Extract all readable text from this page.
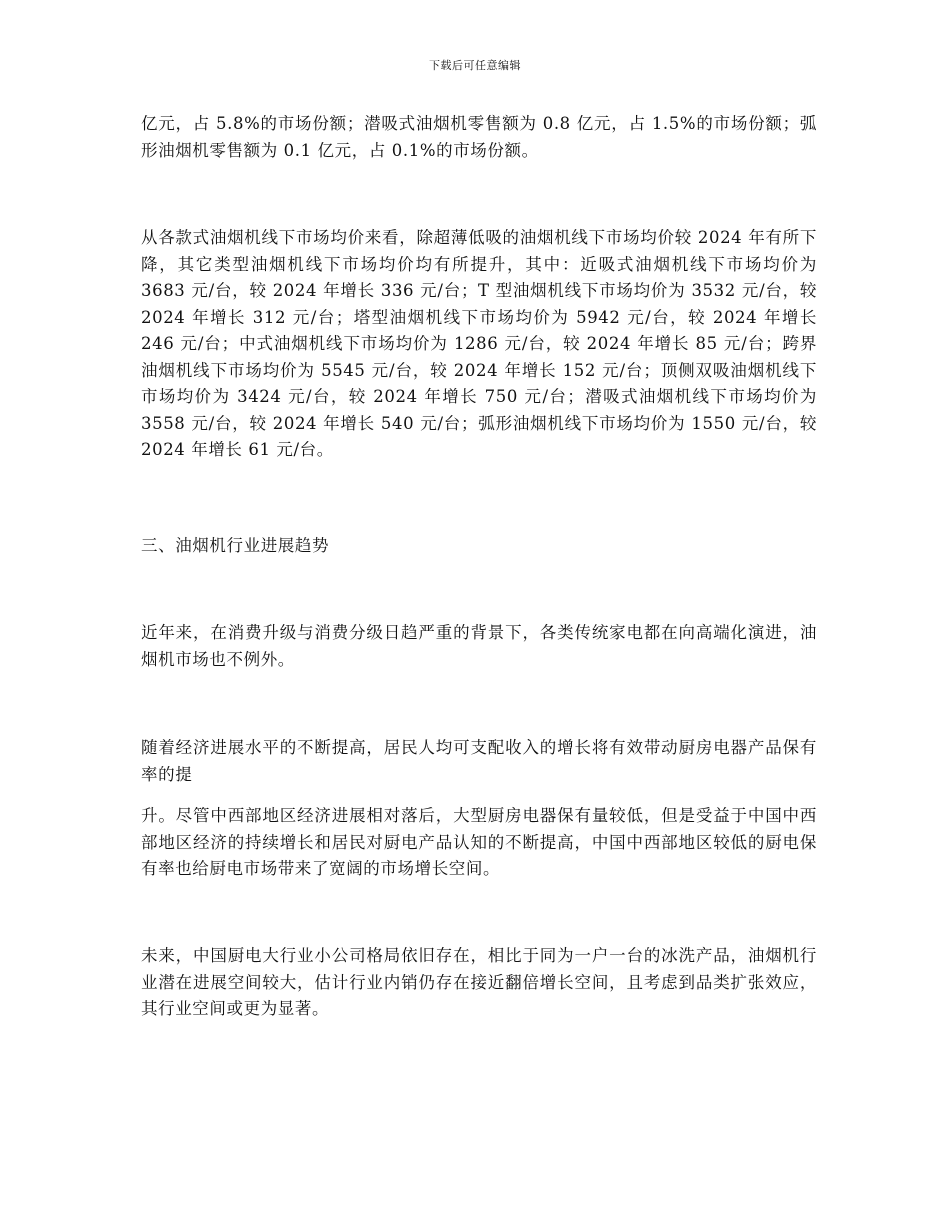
下载后可任意编辑

亿元，占 5.8%的市场份额；潜吸式油烟机零售额为 0.8 亿元，占 1.5%的市场份额；弧形油烟机零售额为 0.1 亿元，占 0.1%的市场份额。

从各款式油烟机线下市场均价来看，除超薄低吸的油烟机线下市场均价较 2024 年有所下降，其它类型油烟机线下市场均价均有所提升，其中：近吸式油烟机线下市场均价为 3683 元/台，较 2024 年增长 336 元/台；T 型油烟机线下市场均价为 3532 元/台，较 2024 年增长 312 元/台；塔型油烟机线下市场均价为 5942 元/台，较 2024 年增长 246 元/台；中式油烟机线下市场均价为 1286 元/台，较 2024 年增长 85 元/台；跨界油烟机线下市场均价为 5545 元/台，较 2024 年增长 152 元/台；顶侧双吸油烟机线下市场均价为 3424 元/台，较 2024 年增长 750 元/台；潜吸式油烟机线下市场均价为 3558 元/台，较 2024 年增长 540 元/台；弧形油烟机线下市场均价为 1550 元/台，较 2024 年增长 61 元/台。

三、油烟机行业进展趋势

近年来，在消费升级与消费分级日趋严重的背景下，各类传统家电都在向高端化演进，油烟机市场也不例外。

随着经济进展水平的不断提高，居民人均可支配收入的增长将有效带动厨房电器产品保有率的提

升。尽管中西部地区经济进展相对落后，大型厨房电器保有量较低，但是受益于中国中西部地区经济的持续增长和居民对厨电产品认知的不断提高，中国中西部地区较低的厨电保有率也给厨电市场带来了宽阔的市场增长空间。

未来，中国厨电大行业小公司格局依旧存在，相比于同为一户一台的冰洗产品，油烟机行业潜在进展空间较大，估计行业内销仍存在接近翻倍增长空间，且考虑到品类扩张效应，其行业空间或更为显著。
